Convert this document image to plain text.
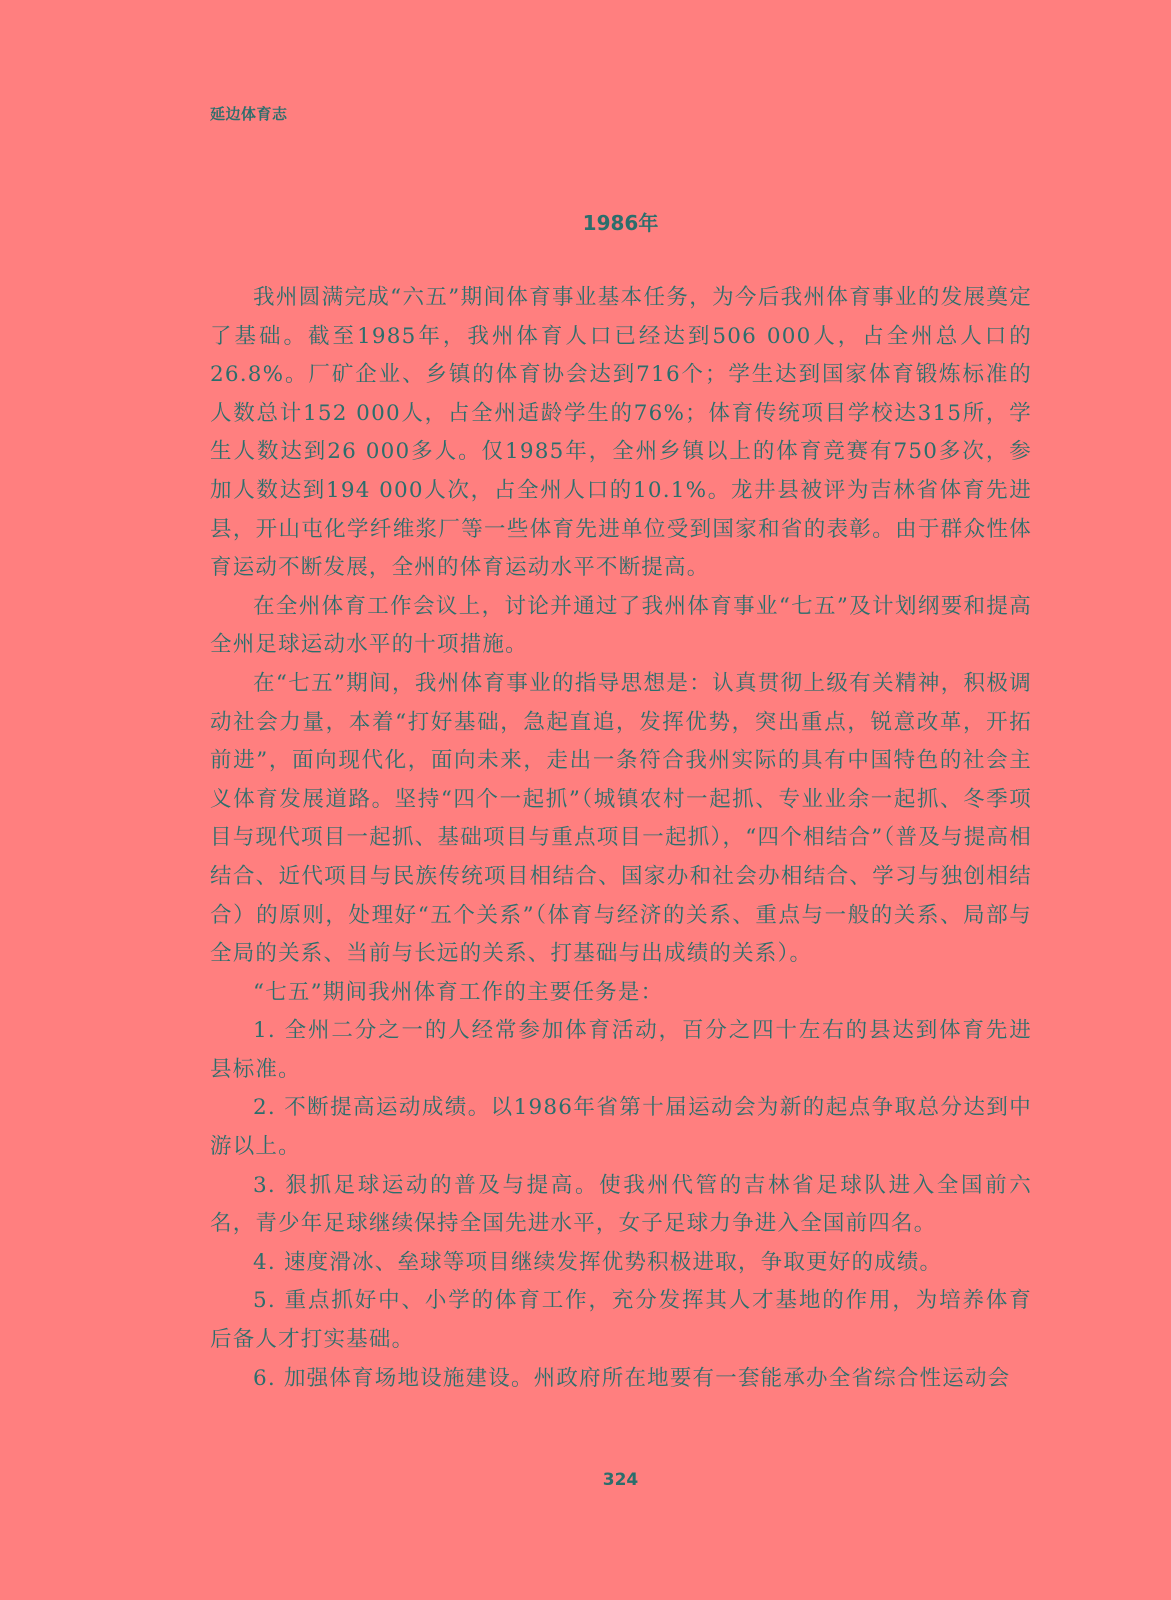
延边体育志
1986年

我州圆满完成“六五”期间体育事业基本任务，为今后我州体育事业的发展奠定了基础。截至1985年，我州体育人口已经达到506 000人，占全州总人口的26.8%。厂矿企业、乡镇的体育协会达到716个；学生达到国家体育锻炼标准的人数总计152 000人，占全州适龄学生的76%；体育传统项目学校达315所，学生人数达到26 000多人。仅1985年，全州乡镇以上的体育竞赛有750多次，参加人数达到194 000人次，占全州人口的10.1%。龙井县被评为吉林省体育先进县，开山屯化学纤维浆厂等一些体育先进单位受到国家和省的表彰。由于群众性体育运动不断发展，全州的体育运动水平不断提高。

在全州体育工作会议上，讨论并通过了我州体育事业“七五”及计划纲要和提高全州足球运动水平的十项措施。

在“七五”期间，我州体育事业的指导思想是：认真贯彻上级有关精神，积极调动社会力量，本着“打好基础，急起直追，发挥优势，突出重点，锐意改革，开拓前进”，面向现代化，面向未来，走出一条符合我州实际的具有中国特色的社会主义体育发展道路。坚持“四个一起抓”（城镇农村一起抓、专业业余一起抓、冬季项目与现代项目一起抓、基础项目与重点项目一起抓），“四个相结合”（普及与提高相结合、近代项目与民族传统项目相结合、国家办和社会办相结合、学习与独创相结合）的原则，处理好“五个关系”（体育与经济的关系、重点与一般的关系、局部与全局的关系、当前与长远的关系、打基础与出成绩的关系）。

“七五”期间我州体育工作的主要任务是：

1. 全州二分之一的人经常参加体育活动，百分之四十左右的县达到体育先进县标准。

2. 不断提高运动成绩。以1986年省第十届运动会为新的起点争取总分达到中游以上。

3. 狠抓足球运动的普及与提高。使我州代管的吉林省足球队进入全国前六名，青少年足球继续保持全国先进水平，女子足球力争进入全国前四名。

4. 速度滑冰、垒球等项目继续发挥优势积极进取，争取更好的成绩。

5. 重点抓好中、小学的体育工作，充分发挥其人才基地的作用，为培养体育后备人才打实基础。

6. 加强体育场地设施建设。州政府所在地要有一套能承办全省综合性运动会

324
